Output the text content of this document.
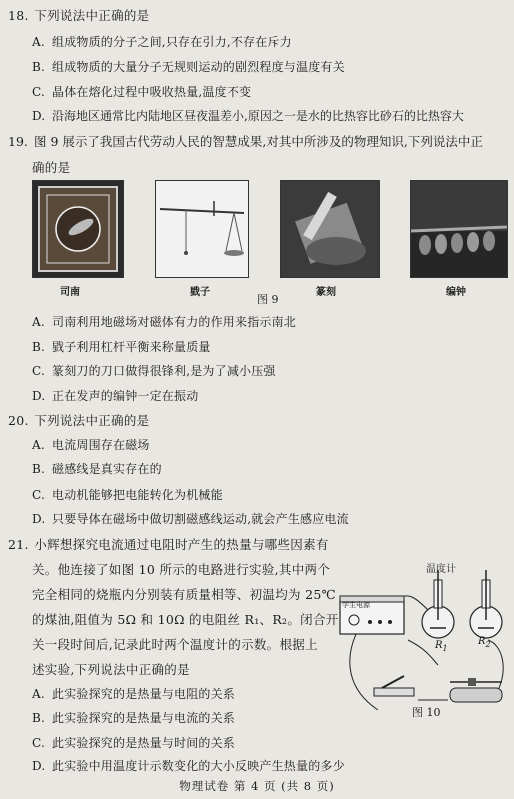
18. 下列说法中正确的是
A. 组成物质的分子之间,只存在引力,不存在斥力
B. 组成物质的大量分子无规则运动的剧烈程度与温度有关
C. 晶体在熔化过程中吸收热量,温度不变
D. 沿海地区通常比内陆地区昼夜温差小,原因之一是水的比热容比砂石的比热容大
19. 图 9 展示了我国古代劳动人民的智慧成果,对其中所涉及的物理知识,下列说法中正
确的是
司南	戥子	篆刻	编钟
图 9
A. 司南利用地磁场对磁体有力的作用来指示南北
B. 戥子利用杠杆平衡来称量质量
C. 篆刻刀的刀口做得很锋利,是为了减小压强
D. 正在发声的编钟一定在振动
20. 下列说法中正确的是
A. 电流周围存在磁场
B. 磁感线是真实存在的
C. 电动机能够把电能转化为机械能
D. 只要导体在磁场中做切割磁感线运动,就会产生感应电流
21. 小辉想探究电流通过电阻时产生的热量与哪些因素有
关。他连接了如图 10 所示的电路进行实验,其中两个
完全相同的烧瓶内分别装有质量相等、初温均为 25℃
的煤油,阻值为 5Ω 和 10Ω 的电阻丝 R₁、R₂。闭合开
关一段时间后,记录此时两个温度计的示数。根据上
述实验,下列说法中正确的是
A. 此实验探究的是热量与电阻的关系
B. 此实验探究的是热量与电流的关系
C. 此实验探究的是热量与时间的关系
D. 此实验中用温度计示数变化的大小反映产生热量的多少
温度计
学生电源
$R_1$
$R_2$
图 10
物理试卷 第 4 页 (共 8 页)
